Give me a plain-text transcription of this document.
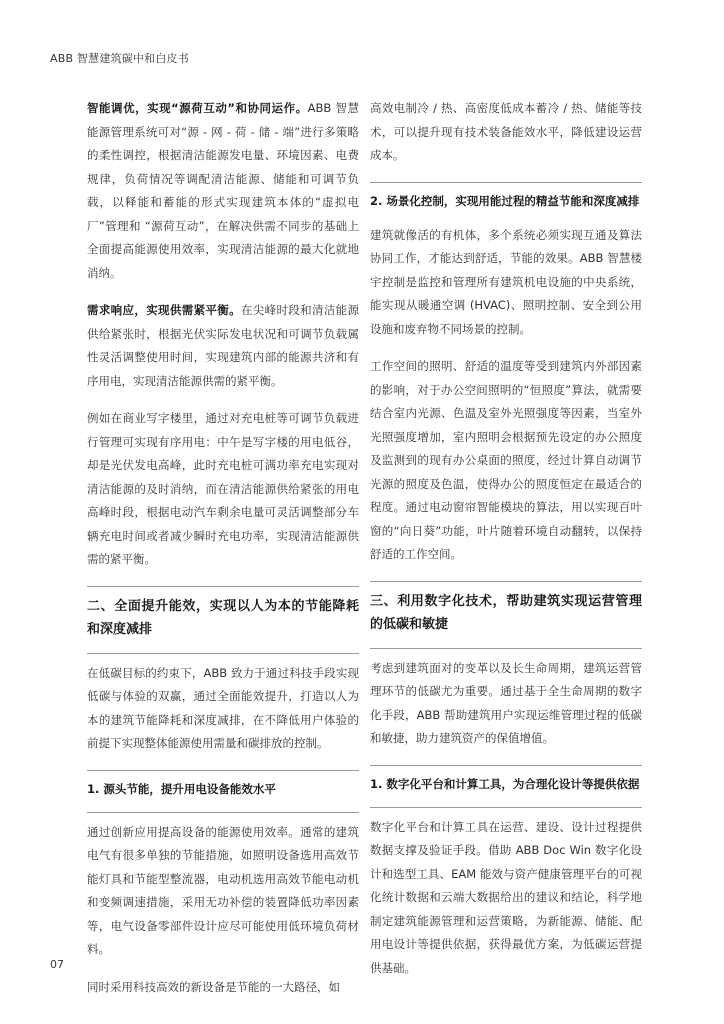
ABB 智慧建筑碳中和白皮书

智能调优，实现“源荷互动”和协同运作。ABB 智慧能源管理系统可对“源 - 网 - 荷 - 储 - 端”进行多策略的柔性调控，根据清洁能源发电量、环境因素、电费规律，负荷情况等调配清洁能源、储能和可调节负载，以释能和蓄能的形式实现建筑本体的“虚拟电厂”管理和 “源荷互动”，在解决供需不同步的基础上全面提高能源使用效率，实现清洁能源的最大化就地消纳。

需求响应，实现供需紧平衡。在尖峰时段和清洁能源供给紧张时，根据光伏实际发电状况和可调节负载属性灵活调整使用时间，实现建筑内部的能源共济和有序用电，实现清洁能源供需的紧平衡。

例如在商业写字楼里，通过对充电桩等可调节负载进行管理可实现有序用电：中午是写字楼的用电低谷，却是光伏发电高峰，此时充电桩可满功率充电实现对清洁能源的及时消纳，而在清洁能源供给紧张的用电高峰时段，根据电动汽车剩余电量可灵活调整部分车辆充电时间或者减少瞬时充电功率，实现清洁能源供需的紧平衡。

二、全面提升能效，实现以人为本的节能降耗和深度减排

在低碳目标的约束下，ABB 致力于通过科技手段实现低碳与体验的双赢，通过全面能效提升，打造以人为本的建筑节能降耗和深度减排，在不降低用户体验的前提下实现整体能源使用需量和碳排放的控制。

1. 源头节能，提升用电设备能效水平

通过创新应用提高设备的能源使用效率。通常的建筑电气有很多单独的节能措施，如照明设备选用高效节能灯具和节能型整流器，电动机选用高效节能电动机和变频调速措施，采用无功补偿的装置降低功率因素等，电气设备零部件设计应尽可能使用低环境负荷材料。

同时采用科技高效的新设备是节能的一大路径，如

高效电制冷 / 热、高密度低成本蓄冷 / 热、储能等技术，可以提升现有技术装备能效水平，降低建设运营成本。

2. 场景化控制，实现用能过程的精益节能和深度减排

建筑就像活的有机体，多个系统必须实现互通及算法协同工作，才能达到舒适，节能的效果。ABB 智慧楼宇控制是监控和管理所有建筑机电设施的中央系统，能实现从暖通空调 (HVAC)、照明控制、安全到公用设施和废弃物不同场景的控制。

工作空间的照明、舒适的温度等受到建筑内外部因素的影响，对于办公空间照明的“恒照度”算法，就需要结合室内光源、色温及室外光照强度等因素，当室外光照强度增加，室内照明会根据预先设定的办公照度及监测到的现有办公桌面的照度，经过计算自动调节光源的照度及色温，使得办公的照度恒定在最适合的程度。通过电动窗帘智能模块的算法，用以实现百叶窗的“向日葵”功能，叶片随着环境自动翻转，以保持舒适的工作空间。

三、利用数字化技术，帮助建筑实现运营管理的低碳和敏捷

考虑到建筑面对的变革以及长生命周期，建筑运营管理环节的低碳尤为重要。通过基于全生命周期的数字化手段，ABB 帮助建筑用户实现运维管理过程的低碳和敏捷，助力建筑资产的保值增值。

1. 数字化平台和计算工具，为合理化设计等提供依据

数字化平台和计算工具在运营、建设、设计过程提供数据支撑及验证手段。借助 ABB Doc Win 数字化设计和选型工具、EAM 能效与资产健康管理平台的可视化统计数据和云端大数据给出的建议和结论，科学地制定建筑能源管理和运营策略，为新能源、储能、配用电设计等提供依据，获得最优方案，为低碳运营提供基础。

07
